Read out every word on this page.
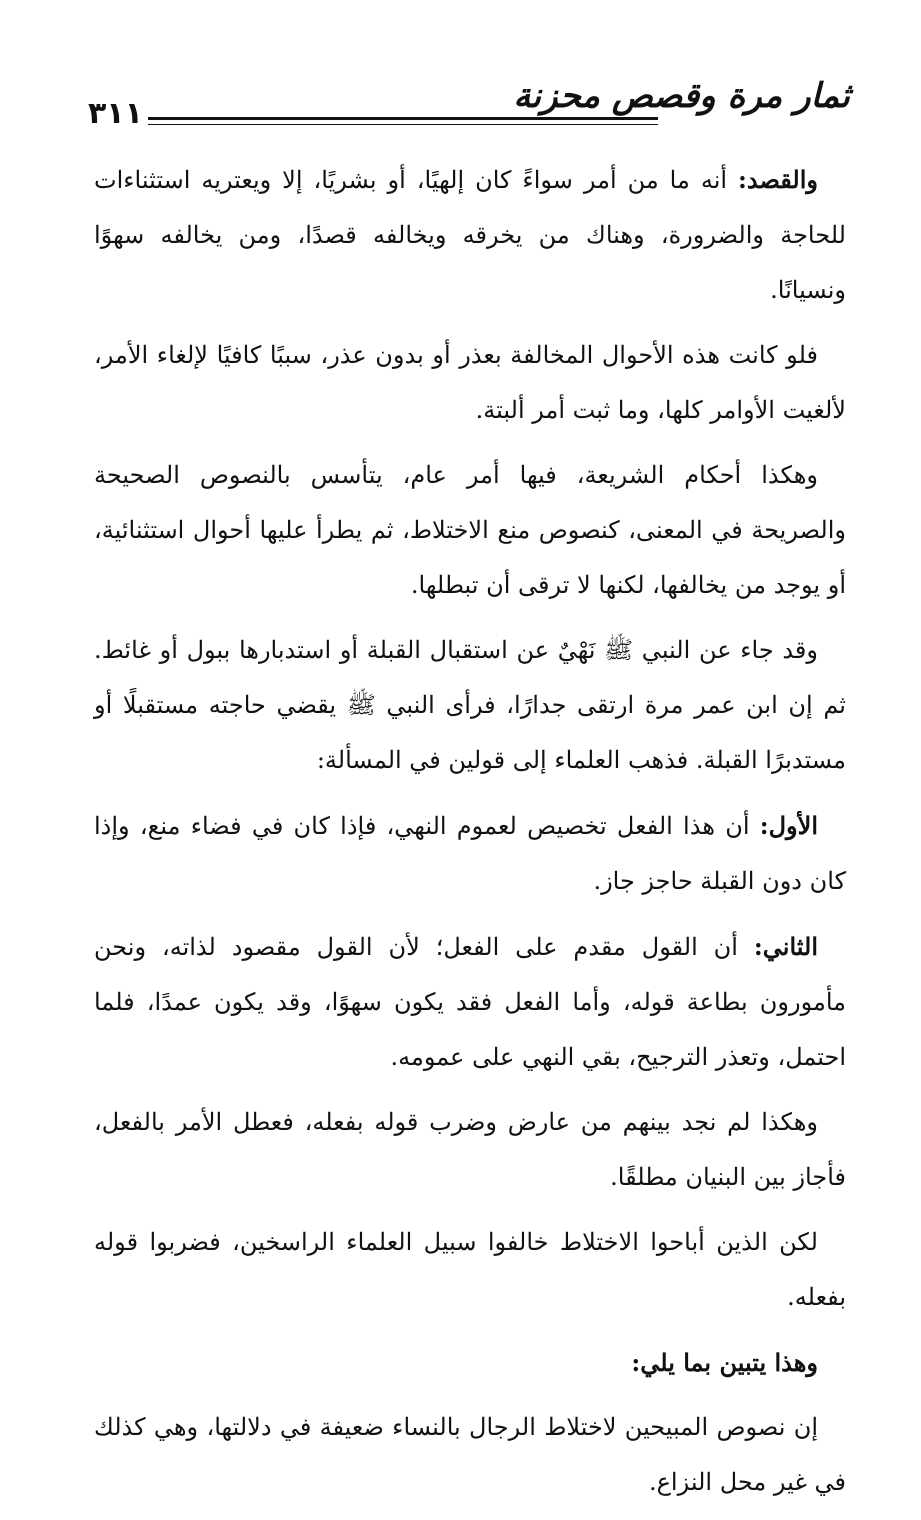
٣١١	ثمار مرة وقصص محزنة

والقصد: أنه ما من أمر سواءً كان إلهيًا، أو بشريًا، إلا ويعتريه استثناءات للحاجة والضرورة، وهناك من يخرقه ويخالفه قصدًا، ومن يخالفه سهوًا ونسيانًا.

فلو كانت هذه الأحوال المخالفة بعذر أو بدون عذر، سببًا كافيًا لإلغاء الأمر، لألغيت الأوامر كلها، وما ثبت أمر ألبتة.

وهكذا أحكام الشريعة، فيها أمر عام، يتأسس بالنصوص الصحيحة والصريحة في المعنى، كنصوص منع الاختلاط، ثم يطرأ عليها أحوال استثنائية، أو يوجد من يخالفها، لكنها لا ترقى أن تبطلها.

وقد جاء عن النبي ﷺ نَهْيٌ عن استقبال القبلة أو استدبارها ببول أو غائط. ثم إن ابن عمر مرة ارتقى جدارًا، فرأى النبي ﷺ يقضي حاجته مستقبلًا أو مستدبرًا القبلة. فذهب العلماء إلى قولين في المسألة:

الأول: أن هذا الفعل تخصيص لعموم النهي، فإذا كان في فضاء منع، وإذا كان دون القبلة حاجز جاز.

الثاني: أن القول مقدم على الفعل؛ لأن القول مقصود لذاته، ونحن مأمورون بطاعة قوله، وأما الفعل فقد يكون سهوًا، وقد يكون عمدًا، فلما احتمل، وتعذر الترجيح، بقي النهي على عمومه.

وهكذا لم نجد بينهم من عارض وضرب قوله بفعله، فعطل الأمر بالفعل، فأجاز بين البنيان مطلقًا.

لكن الذين أباحوا الاختلاط خالفوا سبيل العلماء الراسخين، فضربوا قوله بفعله.

وهذا يتبين بما يلي:

إن نصوص المبيحين لاختلاط الرجال بالنساء ضعيفة في دلالتها، وهي كذلك في غير محل النزاع.
